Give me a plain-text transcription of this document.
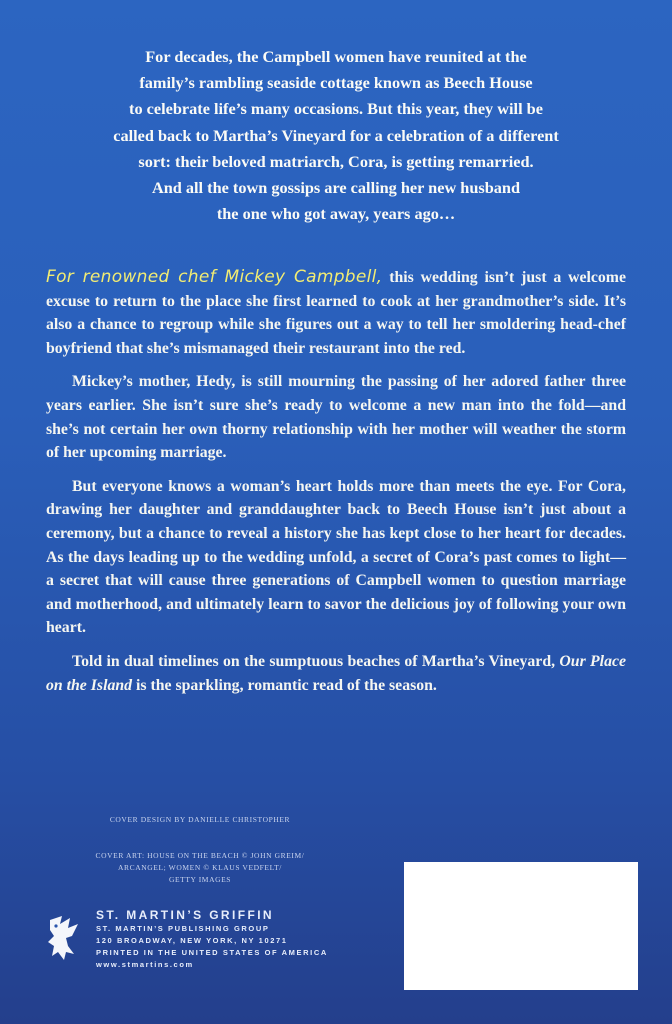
For decades, the Campbell women have reunited at the

family’s rambling seaside cottage known as Beech House

to celebrate life’s many occasions. But this year, they will be

called back to Martha’s Vineyard for a celebration of a different

sort: their beloved matriarch, Cora, is getting remarried.

And all the town gossips are calling her new husband

the one who got away, years ago…

For renowned chef Mickey Campbell, this wedding isn’t just a welcome excuse to return to the place she first learned to cook at her grandmother’s side. It’s also a chance to regroup while she figures out a way to tell her smoldering head-chef boyfriend that she’s mismanaged their restaurant into the red.

Mickey’s mother, Hedy, is still mourning the passing of her adored father three years earlier. She isn’t sure she’s ready to welcome a new man into the fold—and she’s not certain her own thorny relationship with her mother will weather the storm of her upcoming marriage.

But everyone knows a woman’s heart holds more than meets the eye. For Cora, drawing her daughter and granddaughter back to Beech House isn’t just about a ceremony, but a chance to reveal a history she has kept close to her heart for decades. As the days leading up to the wedding unfold, a secret of Cora’s past comes to light—a secret that will cause three generations of Campbell women to question marriage and motherhood, and ultimately learn to savor the delicious joy of following your own heart.

Told in dual timelines on the sumptuous beaches of Martha’s Vineyard, Our Place on the Island is the sparkling, romantic read of the season.

COVER DESIGN BY DANIELLE CHRISTOPHER
COVER ART: HOUSE ON THE BEACH © JOHN GREIM/
ARCANGEL; WOMEN © KLAUS VEDFELT/
GETTY IMAGES
ST. MARTIN’S GRIFFIN
ST. MARTIN’S PUBLISHING GROUP
120 BROADWAY, NEW YORK, NY 10271
PRINTED IN THE UNITED STATES OF AMERICA
www.stmartins.com
